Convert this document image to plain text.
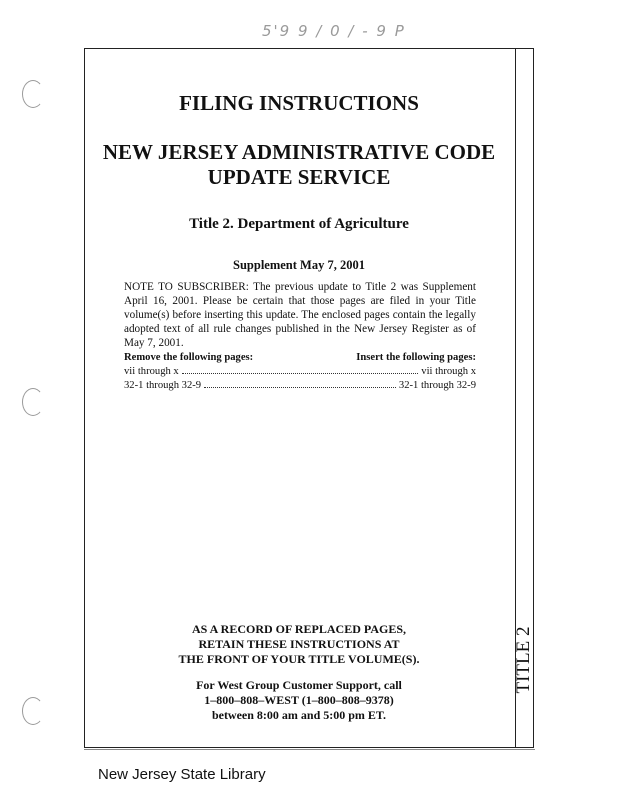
5'9 9 / 0 / - 9 P
TITLE 2
FILING INSTRUCTIONS
NEW JERSEY ADMINISTRATIVE CODE
UPDATE SERVICE
Title 2. Department of Agriculture
Supplement May 7, 2001
NOTE TO SUBSCRIBER: The previous update to Title 2 was Supplement April 16, 2001. Please be certain that those pages are filed in your Title volume(s) before inserting this update. The enclosed pages contain the legally adopted text of all rule changes published in the New Jersey Register as of May 7, 2001.
Remove the following pages:	Insert the following pages:
vii through x	vii through x
32-1 through 32-9	32-1 through 32-9
AS A RECORD OF REPLACED PAGES,
RETAIN THESE INSTRUCTIONS AT
THE FRONT OF YOUR TITLE VOLUME(S).
For West Group Customer Support, call
1–800–808–WEST (1–800–808–9378)
between 8:00 am and 5:00 pm ET.
New Jersey State Library
